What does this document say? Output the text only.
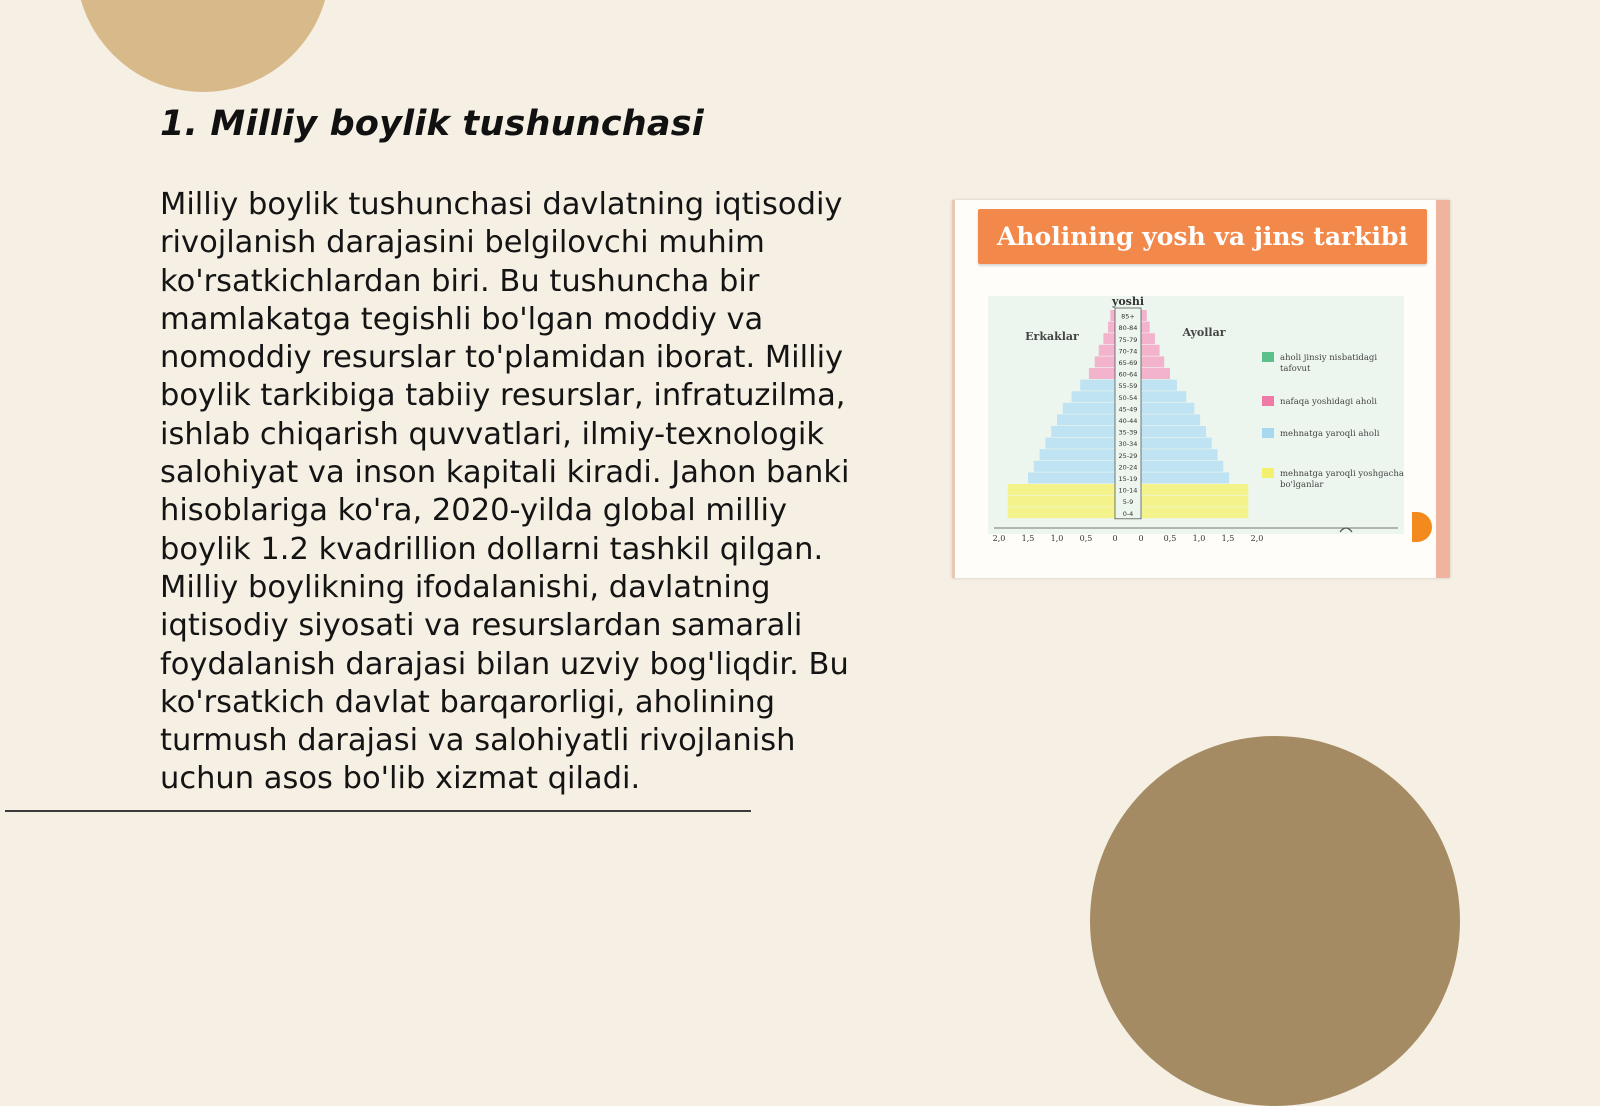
1. Milliy boylik tushunchasi

Milliy boylik tushunchasi davlatning iqtisodiy rivojlanish darajasini belgilovchi muhim ko'rsatkichlardan biri. Bu tushuncha bir mamlakatga tegishli bo'lgan moddiy va nomoddiy resurslar to'plamidan iborat. Milliy boylik tarkibiga tabiiy resurslar, infratuzilma, ishlab chiqarish quvvatlari, ilmiy-texnologik salohiyat va inson kapitali kiradi. Jahon banki hisoblariga ko'ra, 2020-yilda global milliy boylik 1.2 kvadrillion dollarni tashkil qilgan. Milliy boylikning ifodalanishi, davlatning iqtisodiy siyosati va resurslardan samarali foydalanish darajasi bilan uzviy bog'liqdir. Bu ko'rsatkich davlat barqarorligi, aholining turmush darajasi va salohiyatli rivojlanish uchun asos bo'lib xizmat qiladi.

Aholining yosh va jins tarkibi
85+
80-84
75-79
70-74
65-69
60-64
55-59
50-54
45-49
40-44
35-39
30-34
25-29
20-24
15-19
10-14
5-9
0-4
2,0 1,5 1,0 0,5	0	0	0,5 1,0 1,5 2,0
yoshi
Erkaklar	Ayollar
aholi jinsiy nisbatidagi tafovut
nafaqa yoshidagi aholi
mehnatga yaroqli aholi
mehnatga yaroqli yoshgacha bo'lganlar
